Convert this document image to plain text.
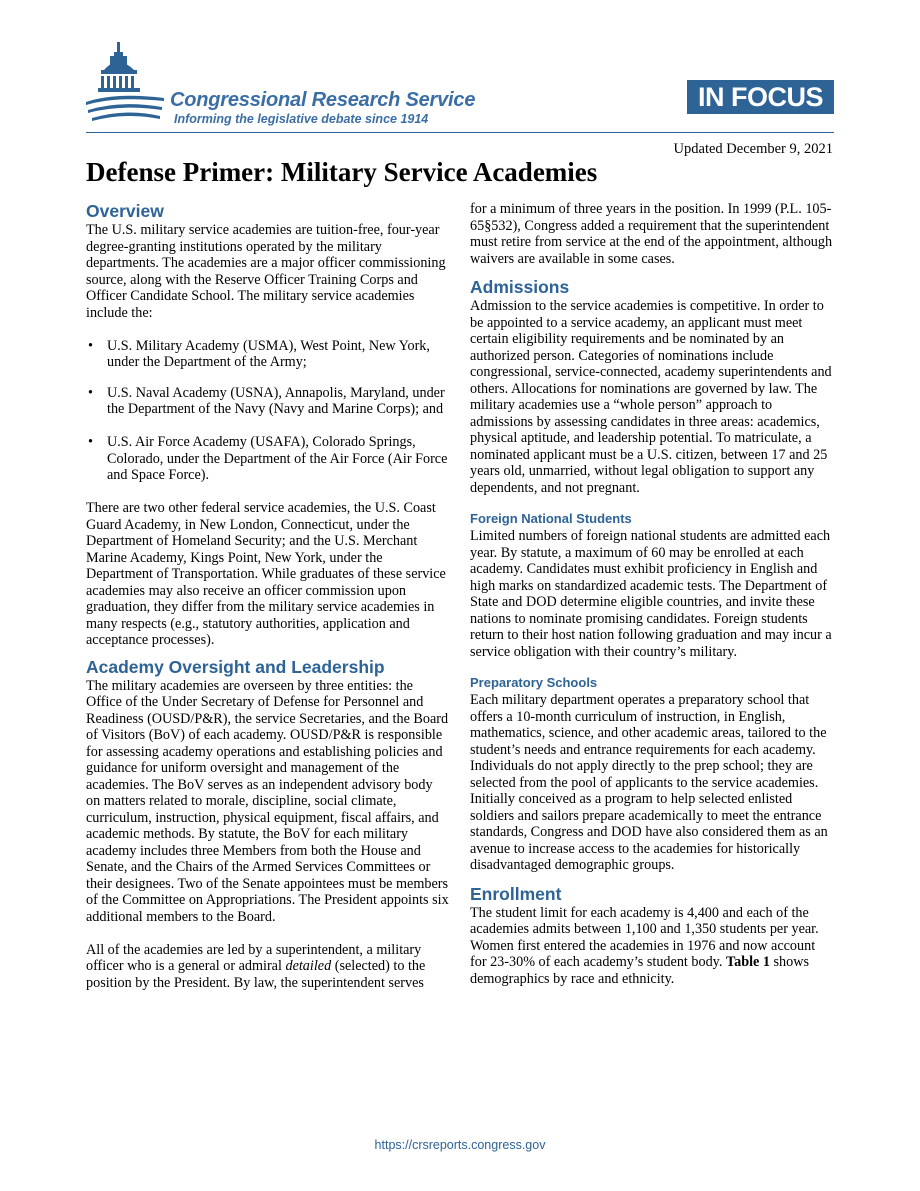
Congressional Research Service
Informing the legislative debate since 1914
IN FOCUS
Updated December 9, 2021
Defense Primer: Military Service Academies
Overview

The U.S. military service academies are tuition-free, four-year degree-granting institutions operated by the military departments. The academies are a major officer commissioning source, along with the Reserve Officer Training Corps and Officer Candidate School. The military service academies include the:

• U.S. Military Academy (USMA), West Point, New York, under the Department of the Army;
• U.S. Naval Academy (USNA), Annapolis, Maryland, under the Department of the Navy (Navy and Marine Corps); and
• U.S. Air Force Academy (USAFA), Colorado Springs, Colorado, under the Department of the Air Force (Air Force and Space Force).

There are two other federal service academies, the U.S. Coast Guard Academy, in New London, Connecticut, under the Department of Homeland Security; and the U.S. Merchant Marine Academy, Kings Point, New York, under the Department of Transportation. While graduates of these service academies may also receive an officer commission upon graduation, they differ from the military service academies in many respects (e.g., statutory authorities, application and acceptance processes).

Academy Oversight and Leadership

The military academies are overseen by three entities: the Office of the Under Secretary of Defense for Personnel and Readiness (OUSD/P&R), the service Secretaries, and the Board of Visitors (BoV) of each academy. OUSD/P&R is responsible for assessing academy operations and establishing policies and guidance for uniform oversight and management of the academies. The BoV serves as an independent advisory body on matters related to morale, discipline, social climate, curriculum, instruction, physical equipment, fiscal affairs, and academic methods. By statute, the BoV for each military academy includes three Members from both the House and Senate, and the Chairs of the Armed Services Committees or their designees. Two of the Senate appointees must be members of the Committee on Appropriations. The President appoints six additional members to the Board.

All of the academies are led by a superintendent, a military officer who is a general or admiral detailed (selected) to the position by the President. By law, the superintendent serves

for a minimum of three years in the position. In 1999 (P.L. 105-65§532), Congress added a requirement that the superintendent must retire from service at the end of the appointment, although waivers are available in some cases.

Admissions

Admission to the service academies is competitive. In order to be appointed to a service academy, an applicant must meet certain eligibility requirements and be nominated by an authorized person. Categories of nominations include congressional, service-connected, academy superintendents and others. Allocations for nominations are governed by law. The military academies use a “whole person” approach to admissions by assessing candidates in three areas: academics, physical aptitude, and leadership potential. To matriculate, a nominated applicant must be a U.S. citizen, between 17 and 25 years old, unmarried, without legal obligation to support any dependents, and not pregnant.

Foreign National Students

Limited numbers of foreign national students are admitted each year. By statute, a maximum of 60 may be enrolled at each academy. Candidates must exhibit proficiency in English and high marks on standardized academic tests. The Department of State and DOD determine eligible countries, and invite these nations to nominate promising candidates. Foreign students return to their host nation following graduation and may incur a service obligation with their country’s military.

Preparatory Schools

Each military department operates a preparatory school that offers a 10-month curriculum of instruction, in English, mathematics, science, and other academic areas, tailored to the student’s needs and entrance requirements for each academy. Individuals do not apply directly to the prep school; they are selected from the pool of applicants to the service academies. Initially conceived as a program to help selected enlisted soldiers and sailors prepare academically to meet the entrance standards, Congress and DOD have also considered them as an avenue to increase access to the academies for historically disadvantaged demographic groups.

Enrollment

The student limit for each academy is 4,400 and each of the academies admits between 1,100 and 1,350 students per year. Women first entered the academies in 1976 and now account for 23-30% of each academy’s student body. Table 1 shows demographics by race and ethnicity.

https://crsreports.congress.gov
